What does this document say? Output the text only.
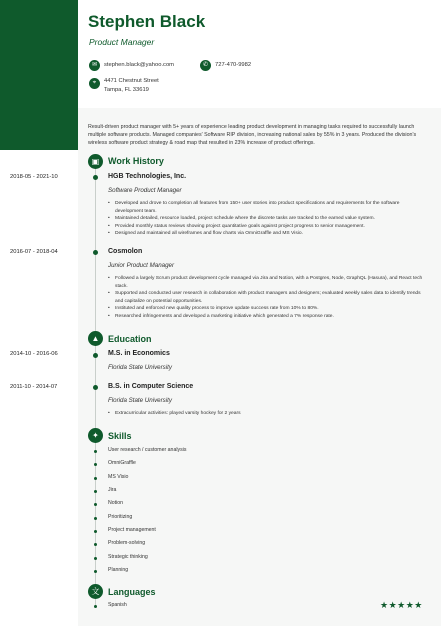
Stephen Black
Product Manager
✉	stephen.black@yahoo.com	✆	727-470-9982
⌖	4471 Chestnut Street
Tampa, FL 33619
Result-driven product manager with 5+ years of experience leading product development in managing tasks required to successfully launch multiple software products. Managed companies' Software RIP division, increasing national sales by 55% in 3 years. Produced the division's wireless software product strategy & road map that resulted in 23% increase of product offerings.
▣ Work History
2018-05 - 2021-10	HGB Technologies, Inc.
Software Product Manager
• Developed and drove to completion all features from 150+ user stories into product specifications and requirements for the software development team.
• Maintained detailed, resource loaded, project schedule where the discrete tasks are tracked to the earned value system.
• Provided monthly status reviews showing project quantitative goals against project progress to senior management.
• Designed and maintained all wireframes and flow charts via OmniGraffle and MS Visio.
2016-07 - 2018-04	Cosmolon
Junior Product Manager
• Followed a largely Scrum product development cycle managed via Jira and Notion, with a Postgres, Node, GraphQL (Hasura), and React tech stack.
• Supported and conducted user research in collaboration with product managers and designers; evaluated weekly sales data to identify trends and capitalize on potential opportunities.
• Instituted and enforced new quality process to improve update success rate from 10% to 80%.
• Researched infringements and developed a marketing initiative which generated a 7% response rate.
▲ Education
2014-10 - 2016-06	M.S. in Economics
Florida State University
2011-10 - 2014-07	B.S. in Computer Science
Florida State University
• Extracurricular activities: played varsity hockey for 2 years
✦	Skills
User research / customer analysis
OmniGraffle
MS Visio
Jira
Notion
Prioritizing
Project management
Problem-solving
Strategic thinking
Planning
文 Languages
Spanish	★★★★★
